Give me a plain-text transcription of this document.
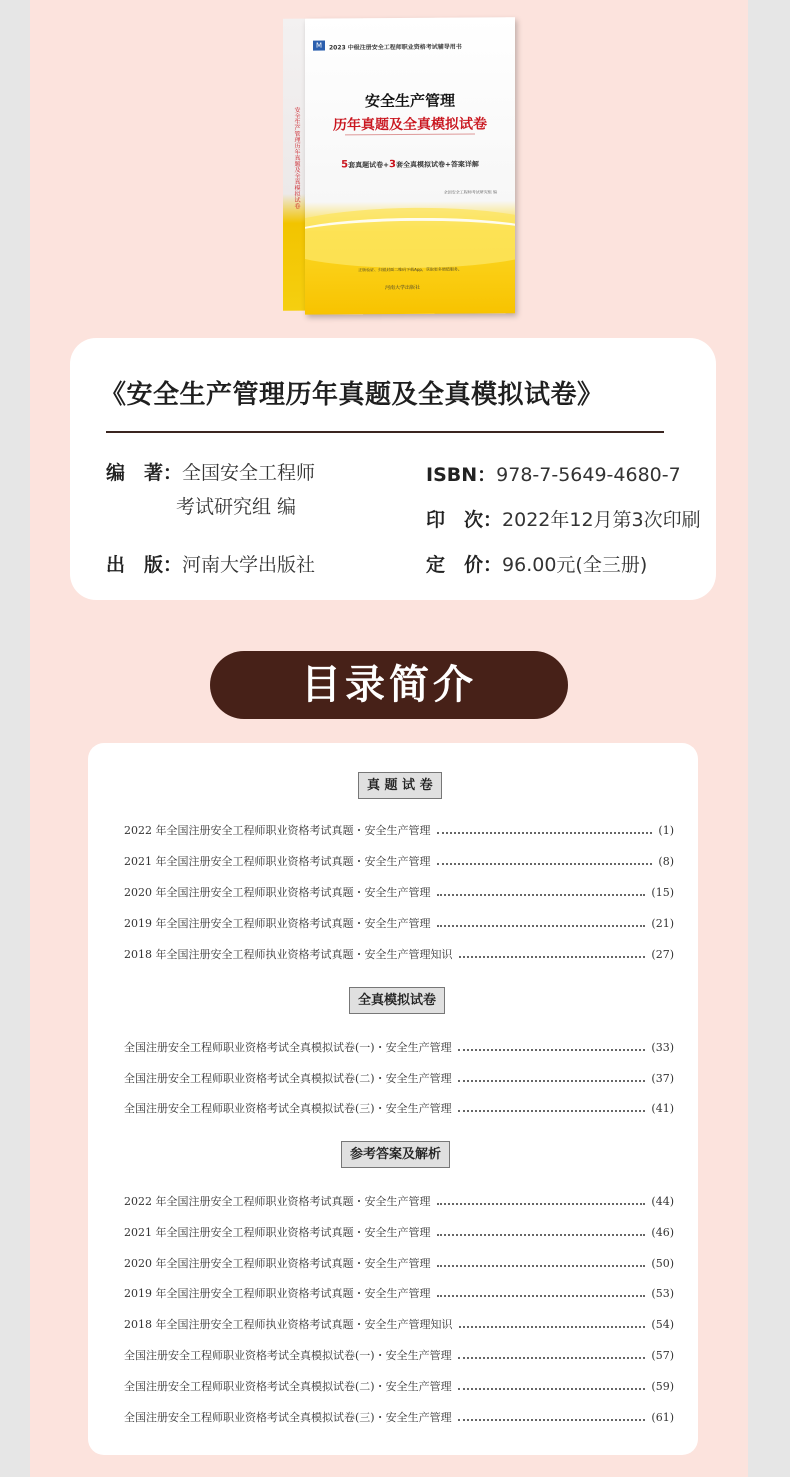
安全生产管理历年真题及全真模拟试卷
M	2023 中级注册安全工程师职业资格考试辅导用书
安全生产管理
历年真题及全真模拟试卷
5套真题试卷+3套全真模拟试卷+答案详解
全国安全工程师考试研究组 编
正版验证、扫描封面二维码下载App，获取更多增值服务。
河南大学出版社
《安全生产管理历年真题及全真模拟试卷》
编　著：全国安全工程师
考试研究组 编
出　版：河南大学出版社
ISBN：978-7-5649-4680-7
印　次：2022年12月第3次印刷
定　价：96.00元(全三册)
目录简介
真 题 试 卷
2022 年全国注册安全工程师职业资格考试真题・安全生产管理	(1)
2021 年全国注册安全工程师职业资格考试真题・安全生产管理	(8)
2020 年全国注册安全工程师职业资格考试真题・安全生产管理	(15)
2019 年全国注册安全工程师职业资格考试真题・安全生产管理	(21)
2018 年全国注册安全工程师执业资格考试真题・安全生产管理知识	(27)
全真模拟试卷
全国注册安全工程师职业资格考试全真模拟试卷(一)・安全生产管理	(33)
全国注册安全工程师职业资格考试全真模拟试卷(二)・安全生产管理	(37)
全国注册安全工程师职业资格考试全真模拟试卷(三)・安全生产管理	(41)
参考答案及解析
2022 年全国注册安全工程师职业资格考试真题・安全生产管理	(44)
2021 年全国注册安全工程师职业资格考试真题・安全生产管理	(46)
2020 年全国注册安全工程师职业资格考试真题・安全生产管理	(50)
2019 年全国注册安全工程师职业资格考试真题・安全生产管理	(53)
2018 年全国注册安全工程师执业资格考试真题・安全生产管理知识	(54)
全国注册安全工程师职业资格考试全真模拟试卷(一)・安全生产管理	(57)
全国注册安全工程师职业资格考试全真模拟试卷(二)・安全生产管理	(59)
全国注册安全工程师职业资格考试全真模拟试卷(三)・安全生产管理	(61)
